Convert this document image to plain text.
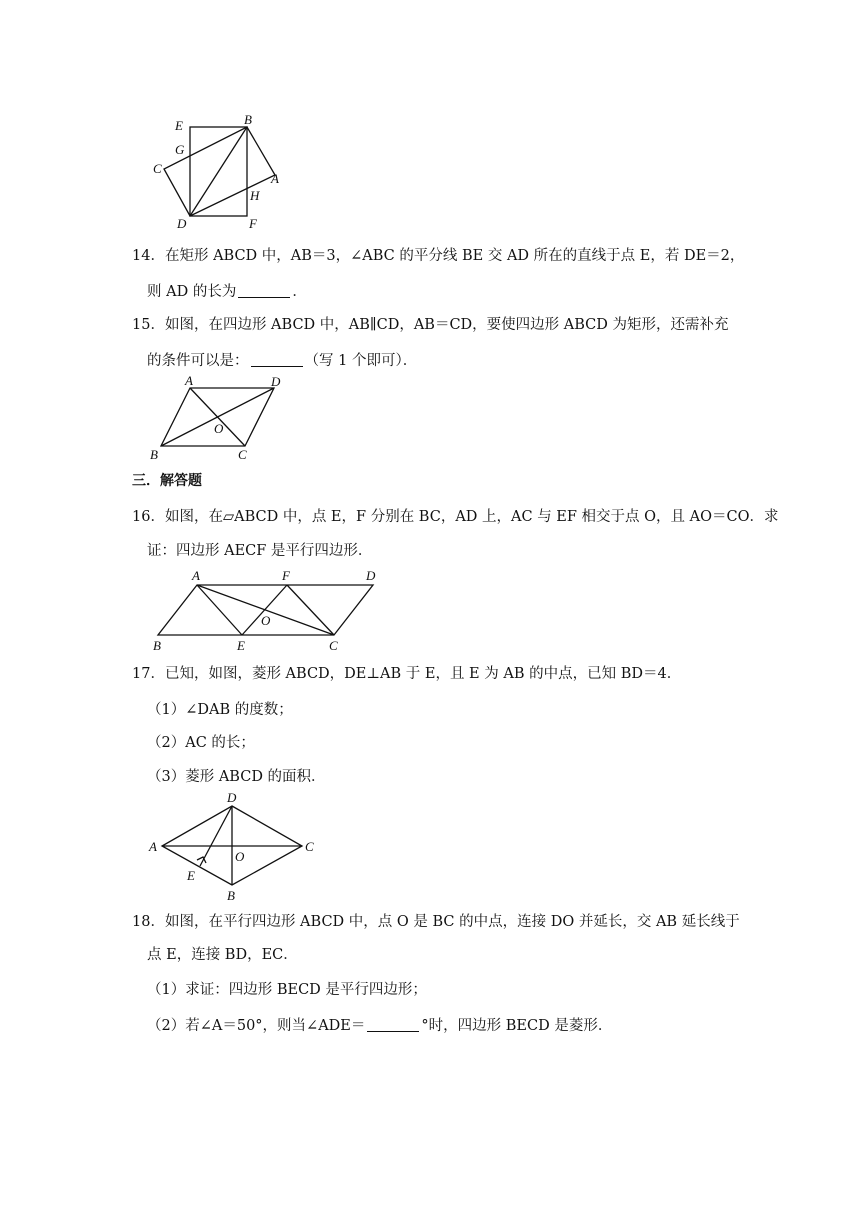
E	B
G
C
A
H
D	F
14．在矩形 ABCD 中，AB＝3，∠ABC 的平分线 BE 交 AD 所在的直线于点 E，若 DE＝2，
则 AD 的长为	．
15．如图，在四边形 ABCD 中，AB∥CD，AB＝CD，要使四边形 ABCD 为矩形，还需补充
的条件可以是：	（写 1 个即可）．
A	D
O
B	C
三．解答题
16．如图，在▱ABCD 中，点 E，F 分别在 BC，AD 上，AC 与 EF 相交于点 O，且 AO＝CO．求
证：四边形 AECF 是平行四边形．
A	F	D
O
B	E	C
17．已知，如图，菱形 ABCD，DE⊥AB 于 E，且 E 为 AB 的中点，已知 BD＝4．
（1）∠DAB 的度数；
（2）AC 的长；
（3）菱形 ABCD 的面积．
D
A
O
C
E
B
18．如图，在平行四边形 ABCD 中，点 O 是 BC 的中点，连接 DO 并延长，交 AB 延长线于
点 E，连接 BD，EC．
（1）求证：四边形 BECD 是平行四边形；
（2）若∠A＝50°，则当∠ADE＝	°时，四边形 BECD 是菱形．
